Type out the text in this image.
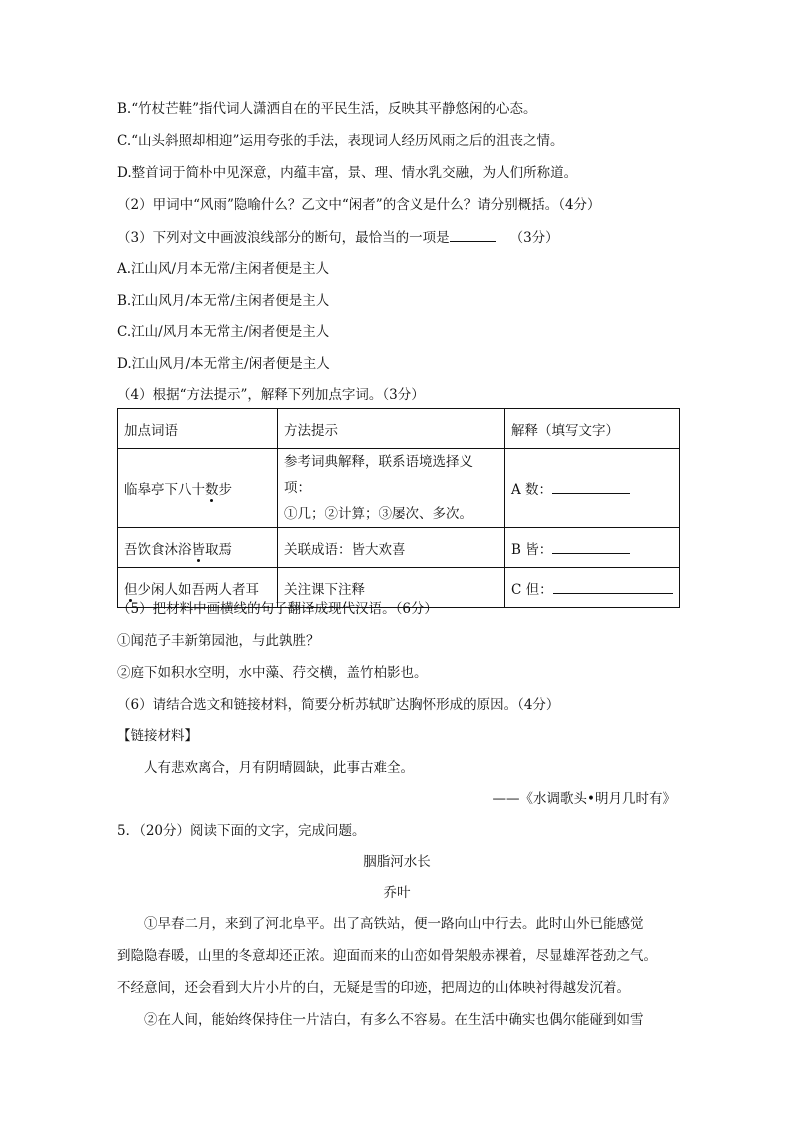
B.“竹杖芒鞋”指代词人潇洒自在的平民生活，反映其平静悠闲的心态。
C.“山头斜照却相迎”运用夸张的手法，表现词人经历风雨之后的沮丧之情。
D.整首词于简朴中见深意，内蕴丰富，景、理、情水乳交融，为人们所称道。
（2）甲词中“风雨”隐喻什么？乙文中“闲者”的含义是什么？请分别概括。（4分）
（3）下列对文中画波浪线部分的断句，最恰当的一项是	（3分）
A.江山风/月本无常/主闲者便是主人
B.江山风月/本无常/主闲者便是主人
C.江山/风月本无常主/闲者便是主人
D.江山风月/本无常主/闲者便是主人
（4）根据“方法提示”，解释下列加点字词。（3分）
加点词语	方法提示	解释（填写文字）
临皋亭下八十数步	参考词典解释，联系语境选择义项：
①几；②计算；③屡次、多次。	A 数：
吾饮食沐浴皆取焉	关联成语：皆大欢喜	B 皆：
但少闲人如吾两人者耳	关注课下注释	C 但：
（5）把材料中画横线的句子翻译成现代汉语。（6分）
①闻范子丰新第园池，与此孰胜？
②庭下如积水空明，水中藻、荇交横，盖竹柏影也。
（6）请结合选文和链接材料，简要分析苏轼旷达胸怀形成的原因。（4分）
【链接材料】
人有悲欢离合，月有阴晴圆缺，此事古难全。
——《水调歌头•明月几时有》
5．（20分）阅读下面的文字，完成问题。
胭脂河水长
乔叶
①早春二月，来到了河北阜平。出了高铁站，便一路向山中行去。此时山外已能感觉
到隐隐春暖，山里的冬意却还正浓。迎面而来的山峦如骨架般赤裸着，尽显雄浑苍劲之气。
不经意间，还会看到大片小片的白，无疑是雪的印迹，把周边的山体映衬得越发沉着。
②在人间，能始终保持住一片洁白，有多么不容易。在生活中确实也偶尔能碰到如雪
